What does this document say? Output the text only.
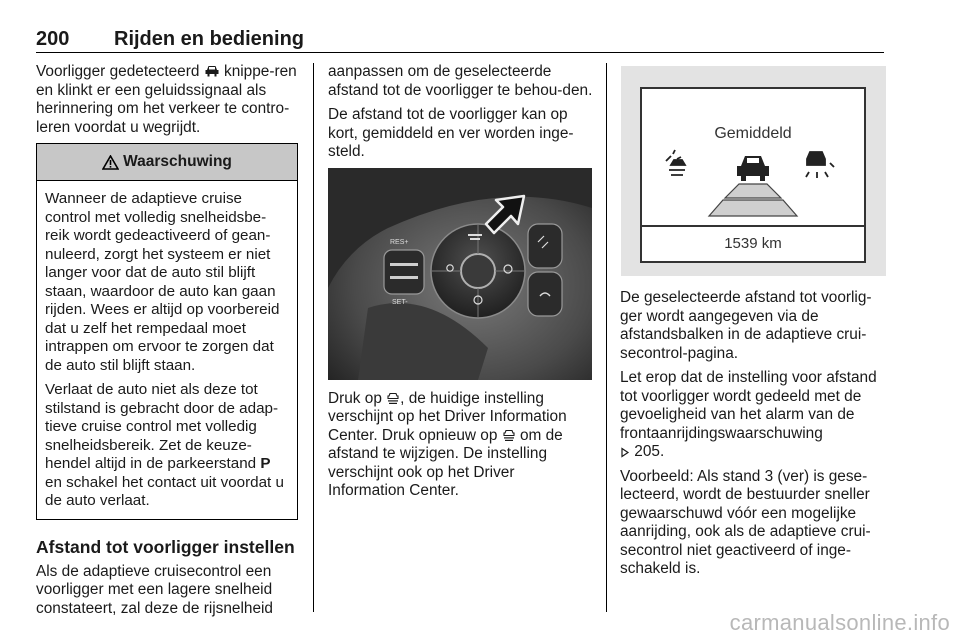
200 Rijden en bediening

Voorligger gedetecteerd knippe-ren en klinkt er een geluidssignaal als herinnering om het verkeer te contro-leren voordat u wegrijdt.

Waarschuwing

Wanneer de adaptieve cruise control met volledig snelheidsbe-reik wordt gedeactiveerd of gean-nuleerd, zorgt het systeem er niet langer voor dat de auto stil blijft staan, waardoor de auto kan gaan rijden. Wees er altijd op voorbereid dat u zelf het rempedaal moet intrappen om ervoor te zorgen dat de auto stil blijft staan.

Verlaat de auto niet als deze tot stilstand is gebracht door de adap-tieve cruise control met volledig snelheidsbereik. Zet de keuze-hendel altijd in de parkeerstand P en schakel het contact uit voordat u de auto verlaat.

Afstand tot voorligger instellen

Als de adaptieve cruisecontrol een voorligger met een lagere snelheid constateert, zal deze de rijsnelheid

aanpassen om de geselecteerde afstand tot de voorligger te behou-den.

De afstand tot de voorligger kan op kort, gemiddeld en ver worden inge-steld.

RES+
SET-

Druk op , de huidige instelling verschijnt op het Driver Information Center. Druk opnieuw op om de afstand te wijzigen. De instelling verschijnt ook op het Driver Information Center.

Gemiddeld
1539 km

De geselecteerde afstand tot voorlig-ger wordt aangegeven via de afstandsbalken in de adaptieve crui-secontrol-pagina.

Let erop dat de instelling voor afstand tot voorligger wordt gedeeld met de gevoeligheid van het alarm van de frontaanrijdingswaarschuwing
205.

Voorbeeld: Als stand 3 (ver) is gese-lecteerd, wordt de bestuurder sneller gewaarschuwd vóór een mogelijke aanrijding, ook als de adaptieve crui-secontrol niet geactiveerd of inge-schakeld is.

carmanualsonline.info
